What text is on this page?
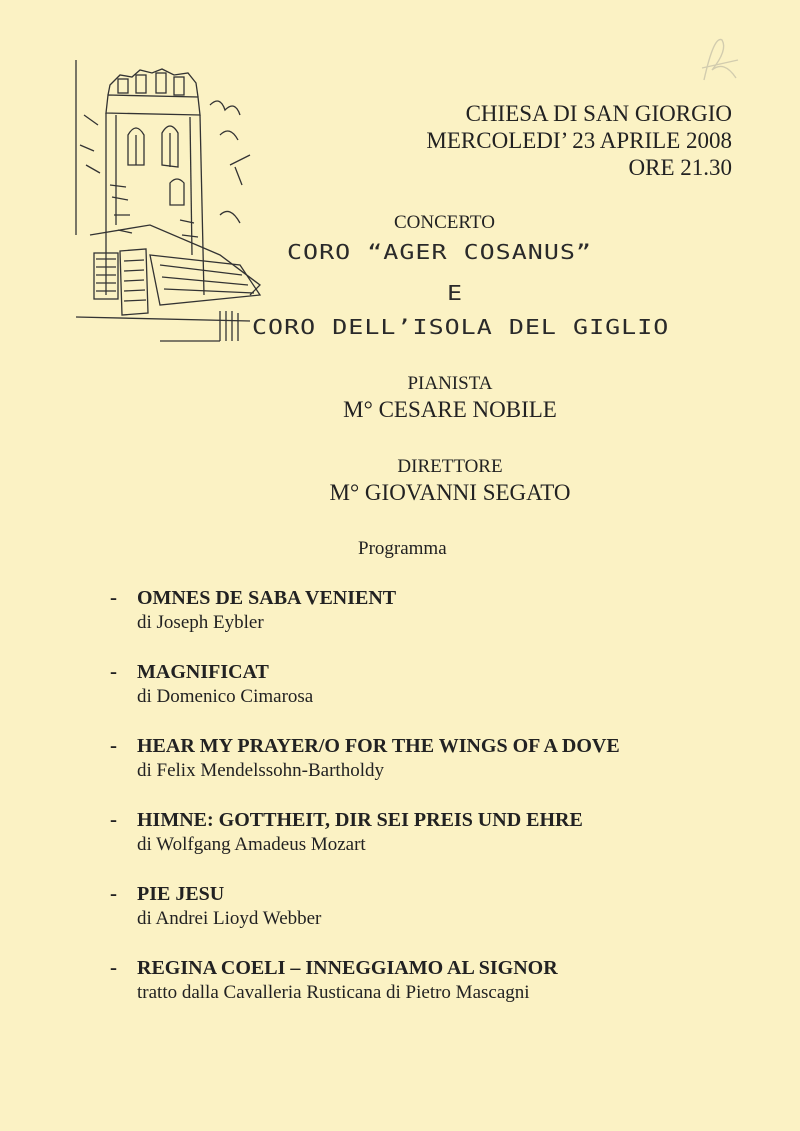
CHIESA DI SAN GIORGIO
MERCOLEDI’ 23 APRILE 2008
ORE 21.30
CONCERTO
CORO “AGER COSANUS”
E
CORO DELL’ISOLA DEL GIGLIO
PIANISTA
M° CESARE NOBILE
DIRETTORE
M° GIOVANNI SEGATO
Programma
- OMNES DE SABA VENIENT
di Joseph Eybler
- MAGNIFICAT
di Domenico Cimarosa
- HEAR MY PRAYER/O FOR THE WINGS OF A DOVE
di Felix Mendelssohn-Bartholdy
- HIMNE: GOTTHEIT, DIR SEI PREIS UND EHRE
di Wolfgang Amadeus Mozart
- PIE JESU
di Andrei Lioyd Webber
- REGINA COELI – INNEGGIAMO AL SIGNOR
tratto dalla Cavalleria Rusticana di Pietro Mascagni
